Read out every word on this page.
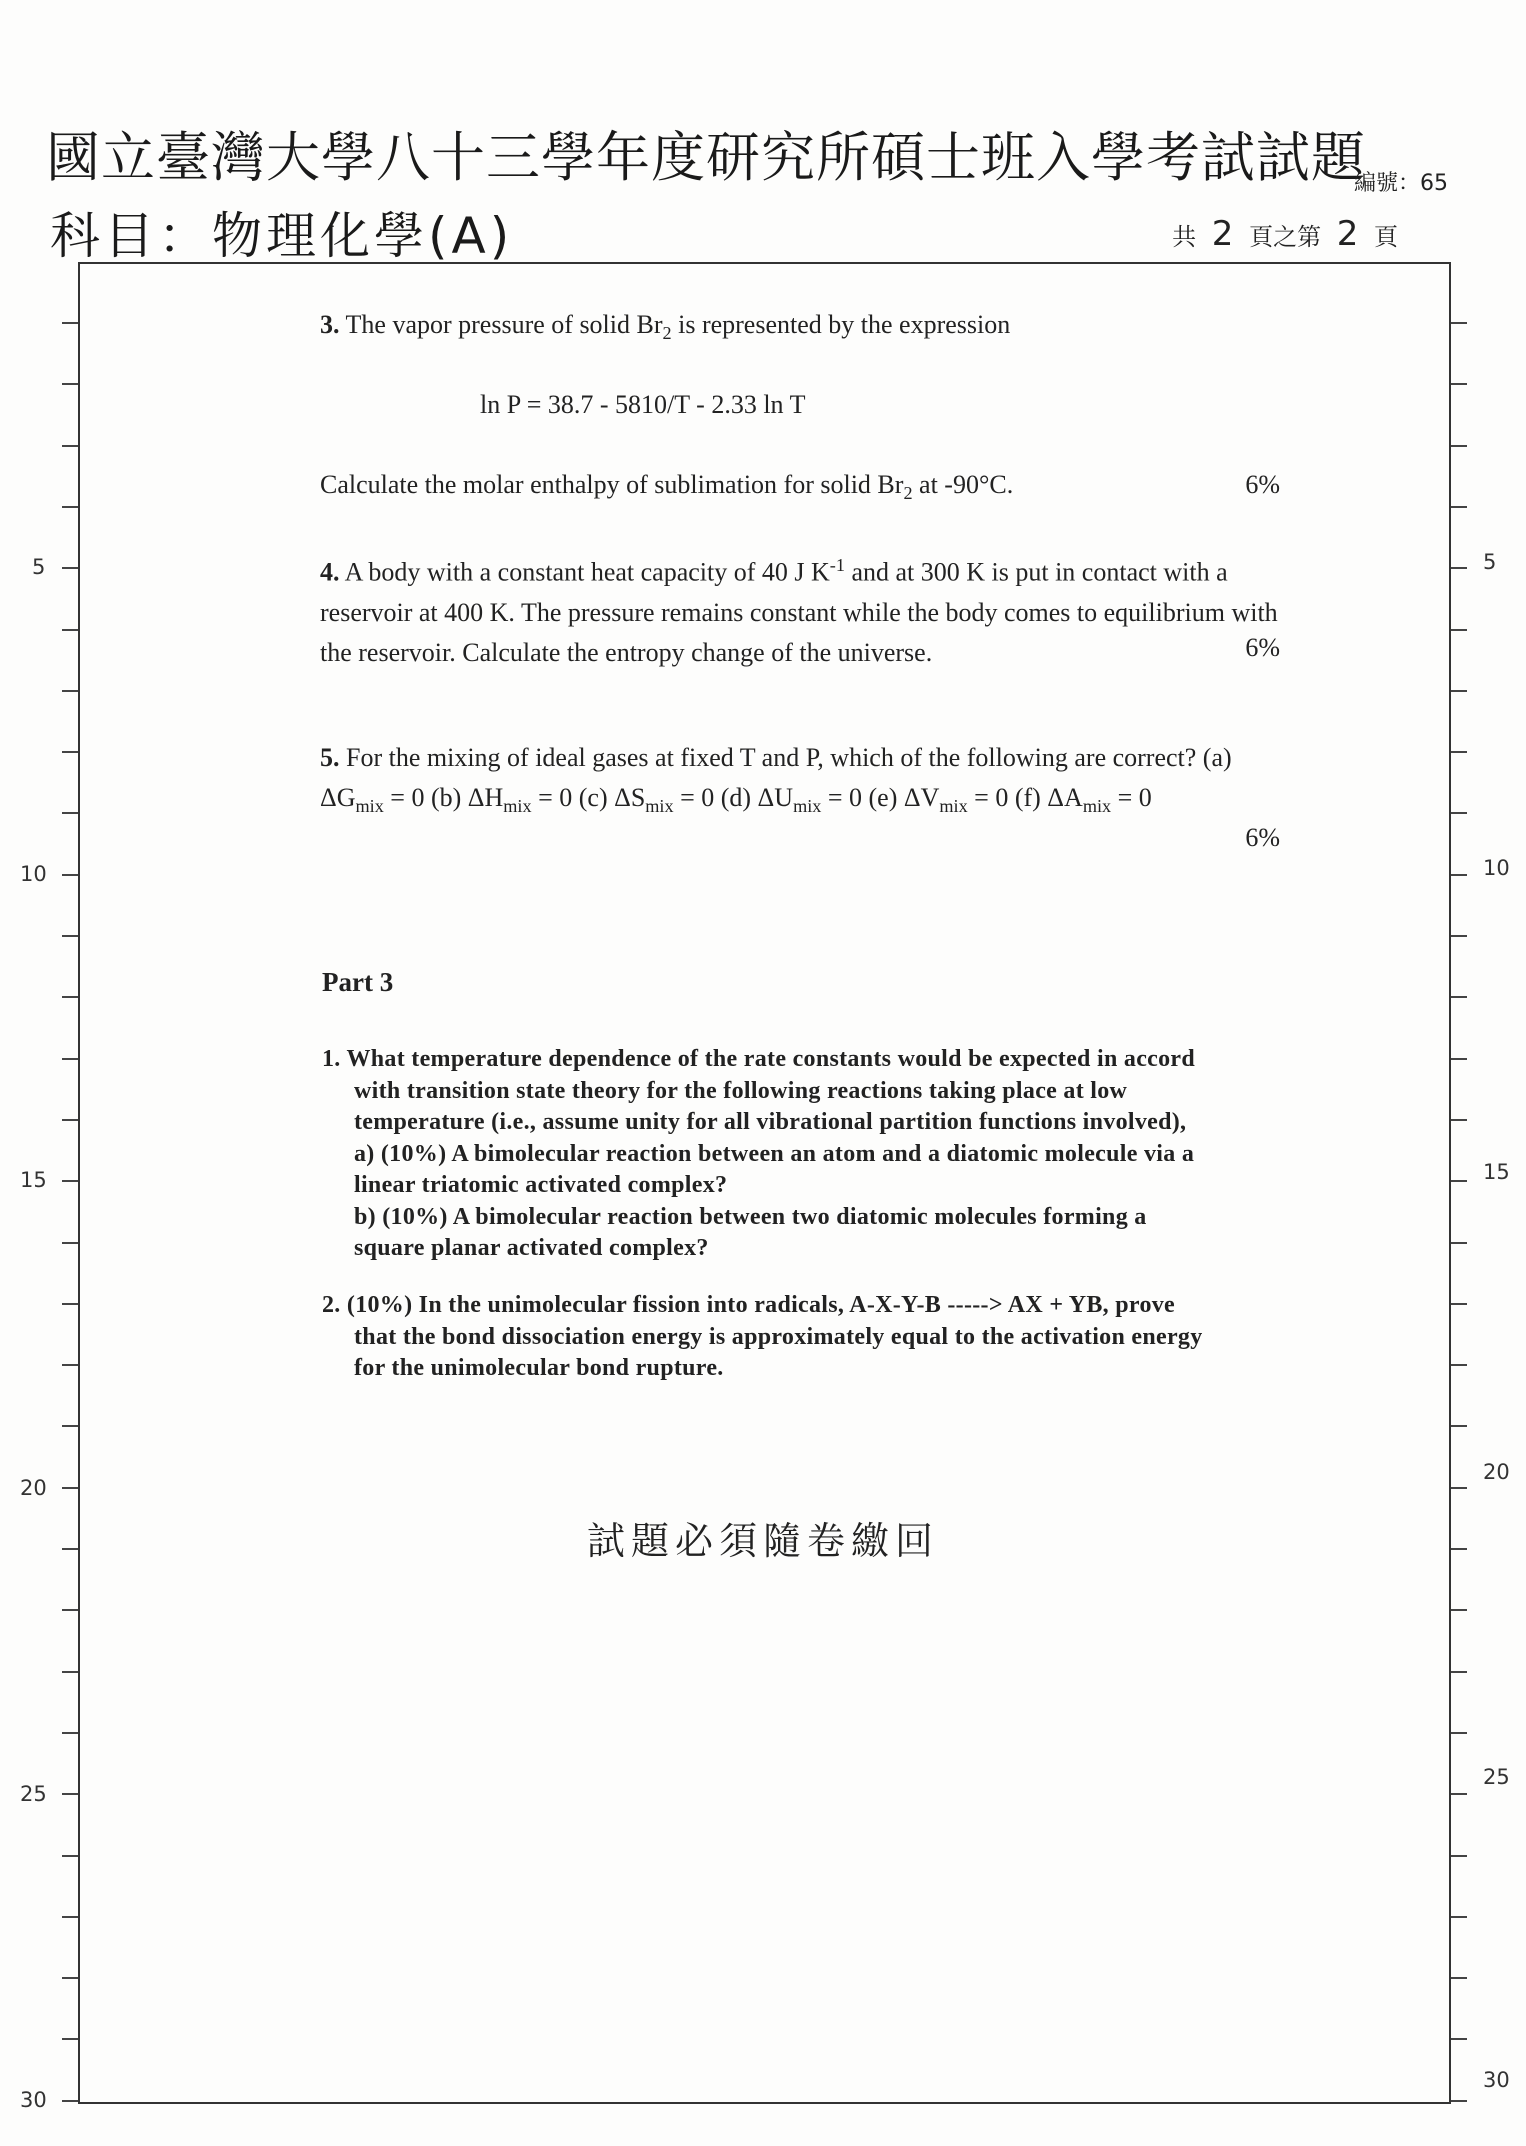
國立臺灣大學八十三學年度研究所碩士班入學考試試題
編號：65
科目：物理化學(A)	共 2 頁之第 2 頁
5
10
15
20
25
30
5
10
15
20
25
30
3. The vapor pressure of solid $Br_2$ is represented by the expression
ln P = 38.7 - 5810/T - 2.33 ln T
Calculate the molar enthalpy of sublimation for solid $Br_2$ at -90°C.	6%
4. A body with a constant heat capacity of 40 J $K^{-1}$ and at 300 K is put in contact with a reservoir at 400 K. The pressure remains constant while the body comes to equilibrium with the reservoir. Calculate the entropy change of the universe.	6%
5. For the mixing of ideal gases at fixed T and P, which of the following are correct? (a) $\Delta G_{mix} = 0$ (b) $\Delta H_{mix} = 0$ (c) $\Delta S_{mix} = 0$ (d) $\Delta U_{mix} = 0$ (e) $\Delta V_{mix} = 0$ (f) $\Delta A_{mix} = 0$
6%
Part 3
1. What temperature dependence of the rate constants would be expected in accord
with transition state theory for the following reactions taking place at low
temperature (i.e., assume unity for all vibrational partition functions involved),
a) (10%) A bimolecular reaction between an atom and a diatomic molecule via a
linear triatomic activated complex?
b) (10%) A bimolecular reaction between two diatomic molecules forming a
square planar activated complex?
2. (10%) In the unimolecular fission into radicals, A-X-Y-B -----> AX + YB, prove
that the bond dissociation energy is approximately equal to the activation energy
for the unimolecular bond rupture.
試題必須隨卷繳回
